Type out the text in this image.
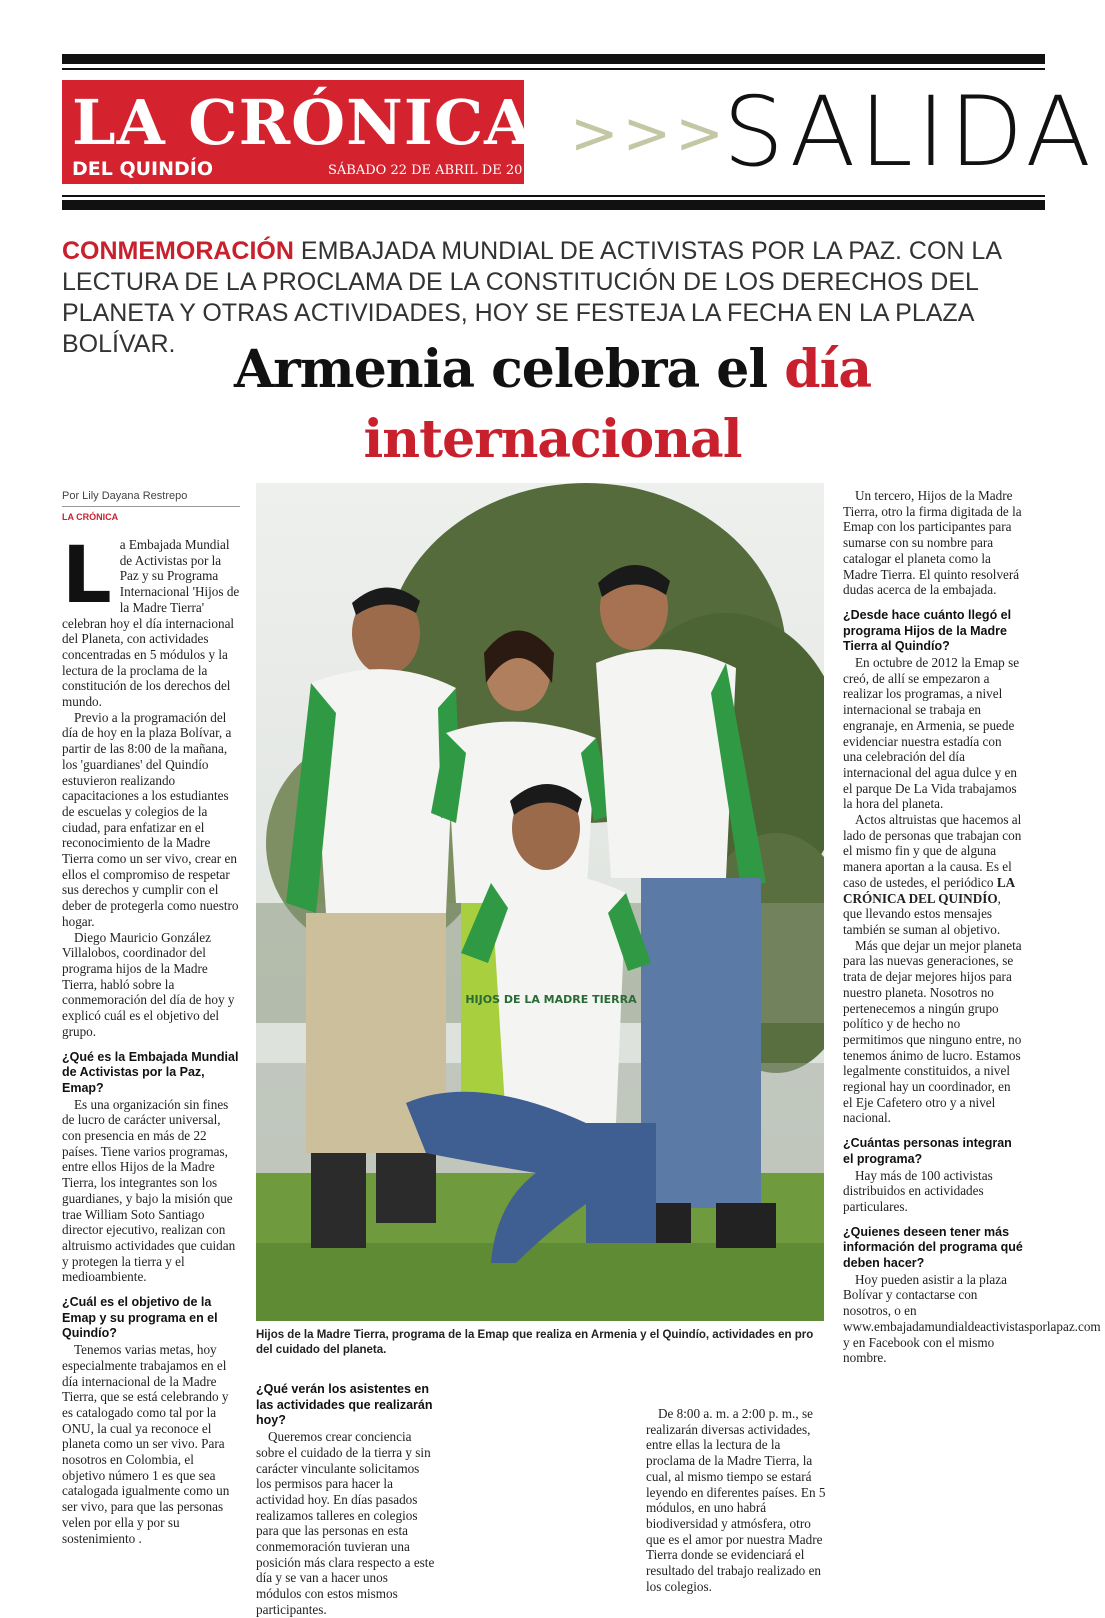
LA CRÓNICA
DEL QUINDÍO	SÁBADO 22 DE ABRIL DE 2017
>>>
SALIDA
CONMEMORACIÓN EMBAJADA MUNDIAL DE ACTIVISTAS POR LA PAZ. CON LA LECTURA DE LA PROCLAMA DE LA CONSTITUCIÓN DE LOS DERECHOS DEL PLANETA Y OTRAS ACTIVIDADES, HOY SE FESTEJA LA FECHA EN LA PLAZA BOLÍVAR.	Armenia celebra el día internacional

Por Lily Dayana Restrepo
LA CRÓNICA
L a Embajada Mundial de Activistas por la Paz y su Programa Internacional 'Hijos de la Madre Tierra' celebran hoy el día internacional del Planeta, con actividades concentradas en 5 módulos y la lectura de la proclama de la constitución de los derechos del mundo.

Previo a la programación del día de hoy en la plaza Bolívar, a partir de las 8:00 de la mañana, los 'guardianes' del Quindío estuvieron realizando capacitaciones a los estudiantes de escuelas y colegios de la ciudad, para enfatizar en el reconocimiento de la Madre Tierra como un ser vivo, crear en ellos el compromiso de respetar sus derechos y cumplir con el deber de protegerla como nuestro hogar.

Diego Mauricio González Villalobos, coordinador del programa hijos de la Madre Tierra, habló sobre la conmemoración del día de hoy y explicó cuál es el objetivo del grupo.

¿Qué es la Embajada Mundial de Activistas por la Paz, Emap?

Es una organización sin fines de lucro de carácter universal, con presencia en más de 22 países. Tiene varios programas, entre ellos Hijos de la Madre Tierra, los integrantes son los guardianes, y bajo la misión que trae William Soto Santiago director ejecutivo, realizan con altruismo actividades que cuidan y protegen la tierra y el medioambiente.

¿Cuál es el objetivo de la Emap y su programa en el Quindío?

Tenemos varias metas, hoy especialmente trabajamos en el día internacional de la Madre Tierra, que se está celebrando y es catalogado como tal por la ONU, la cual ya reconoce el planeta como un ser vivo. Para nosotros en Colombia, el objetivo número 1 es que sea catalogada igualmente como un ser vivo, para que las personas velen por ella y por su sostenimiento .

HIJOS DE LA MADRE TIERRA
Hijos de la Madre Tierra, programa de la Emap que realiza en Armenia y el Quindío, actividades en pro del cuidado del planeta.

¿Qué verán los asistentes en las actividades que realizarán hoy?

Queremos crear conciencia sobre el cuidado de la tierra y sin carácter vinculante solicitamos los permisos para hacer la actividad hoy. En días pasados realizamos talleres en colegios para que las personas en esta conmemoración tuvieran una posición más clara respecto a este día y se van a hacer unos módulos con estos mismos participantes.

De 8:00 a. m. a 2:00 p. m., se realizarán diversas actividades, entre ellas la lectura de la proclama de la Madre Tierra, la cual, al mismo tiempo se estará leyendo en diferentes países. En 5 módulos, en uno habrá biodiversidad y atmósfera, otro que es el amor por nuestra Madre Tierra donde se evidenciará el resultado del trabajo realizado en los colegios.

Un tercero, Hijos de la Madre Tierra, otro la firma digitada de la Emap con los participantes para sumarse con su nombre para catalogar el planeta como la Madre Tierra. El quinto resolverá dudas acerca de la embajada.

¿Desde hace cuánto llegó el programa Hijos de la Madre Tierra al Quindío?

En octubre de 2012 la Emap se creó, de allí se empezaron a realizar los programas, a nivel internacional se trabaja en engranaje, en Armenia, se puede evidenciar nuestra estadía con una celebración del día internacional del agua dulce y en el parque De La Vida trabajamos la hora del planeta.

Actos altruistas que hacemos al lado de personas que trabajan con el mismo fin y que de alguna manera aportan a la causa. Es el caso de ustedes, el periódico LA CRÓNICA DEL QUINDÍO, que llevando estos mensajes también se suman al objetivo.

Más que dejar un mejor planeta para las nuevas generaciones, se trata de dejar mejores hijos para nuestro planeta. Nosotros no pertenecemos a ningún grupo político y de hecho no permitimos que ninguno entre, no tenemos ánimo de lucro. Estamos legalmente constituidos, a nivel regional hay un coordinador, en el Eje Cafetero otro y a nivel nacional.

¿Cuántas personas integran el programa?

Hay más de 100 activistas distribuidos en actividades particulares.

¿Quienes deseen tener más información del programa qué deben hacer?

Hoy pueden asistir a la plaza Bolívar y contactarse con nosotros, o en www.embajadamundialdeactivistasporlapaz.com y en Facebook con el mismo nombre.
